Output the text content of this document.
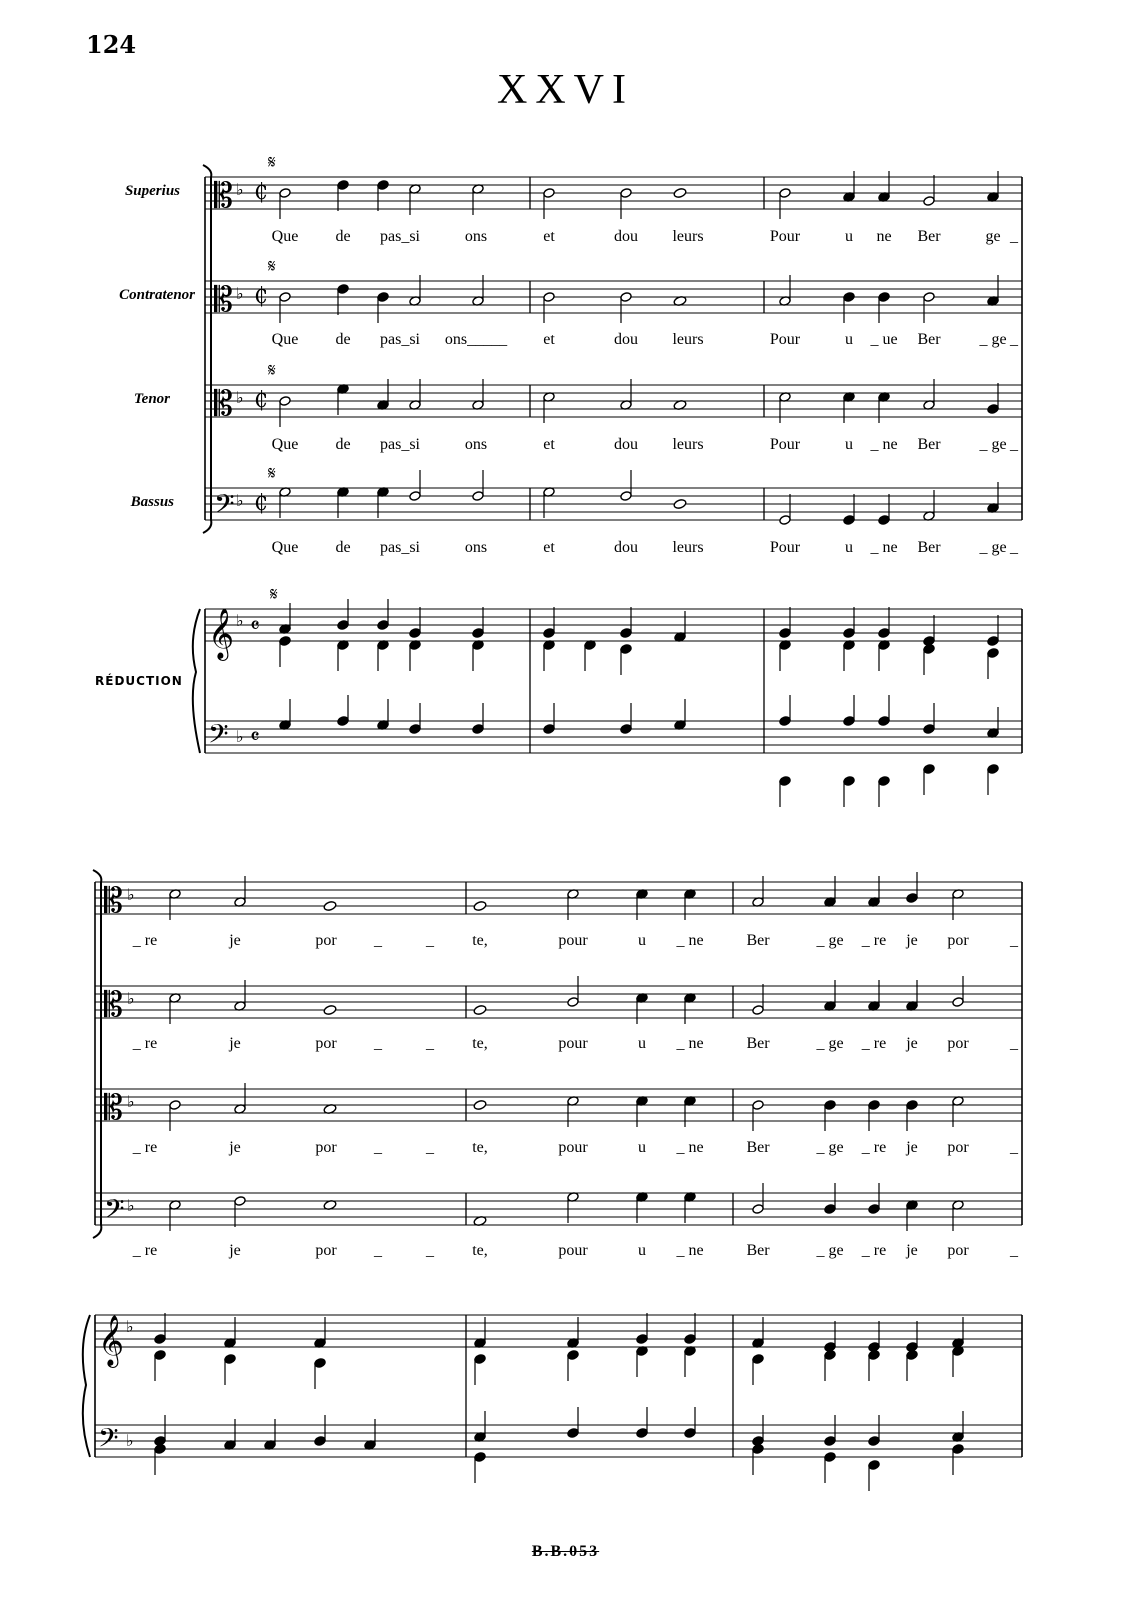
124
XXVI
Superius
Contratenor
Tenor
Bassus
RÉDUCTION
Que de pas_si	ons	et	dou leurs	Pour	u ne Ber	ge _
Que de pas_si ons_____ et	dou leurs	Pour	u _ ue Ber _ ge _
Que de pas_si	ons	et	dou leurs	Pour	u _ ne Ber _ ge _
Que de pas_si	ons	et	dou leurs	Pour	u _ ne Ber _ ge _
_ re	je	por _	_ te,	pour	u _ ne	Ber	_ ge _ re je por	_
_ re	je	por _	_ te,	pour	u _ ne	Ber	_ ge _ re je por	_
_ re	je	por _	_ te,	pour	u _ ne	Ber	_ ge _ re je por	_
_ re	je	por _	_ te,	pour	u _ ne	Ber	_ ge _ re je por	_
𝄡 ♭ ₵
𝄡 ♭ ₵
𝄡 ♭ ₵
𝄢 ♭ ₵
𝄋
𝄋
𝄋
𝄋
𝄞 ♭ 𝄴
𝄢 ♭ 𝄴
𝄋
𝄡 ♭
𝄡 ♭
𝄡 ♭
𝄢 ♭
𝄞 ♭
𝄢 ♭
B.B.053
